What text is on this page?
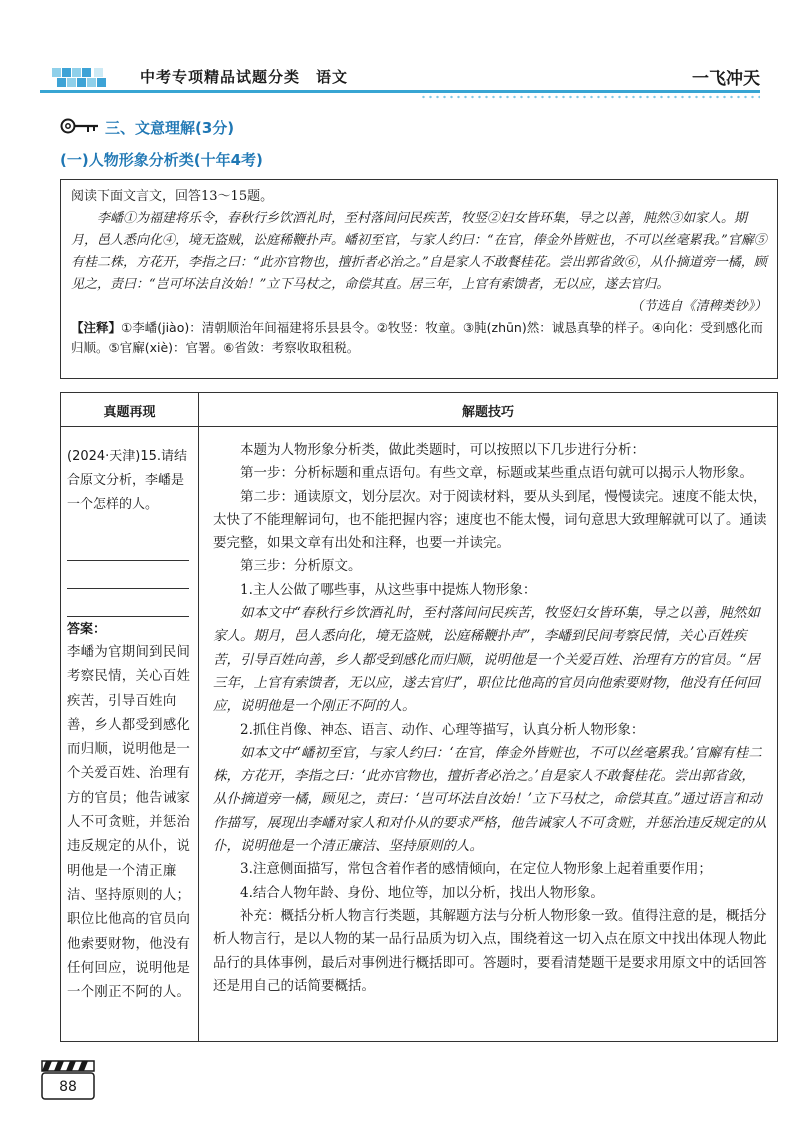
中考专项精品试题分类　语文	一飞冲天
三、文意理解(3分)
(一)人物形象分析类(十年4考)

阅读下面文言文，回答13～15题。

李嶓①为福建将乐令，春秋行乡饮酒礼时，至村落间问民疾苦，牧竖②妇女皆环集，导之以善，肫然③如家人。期月，邑人悉向化④，境无盗贼，讼庭稀鞭扑声。嶓初至官，与家人约曰：“在官，俸金外皆赃也，不可以丝毫累我。”官廨⑤有桂二株，方花开，李指之曰：“此亦官物也，擅折者必治之。”自是家人不敢餐桂花。尝出郭省敛⑥，从仆摘道旁一橘，顾见之，责曰：“岂可坏法自汝始！”立下马杖之，命偿其直。居三年，上官有索馈者，无以应，遂去官归。

（节选自《清稗类钞》）

【注释】①李嶓(jiào)：清朝顺治年间福建将乐县县令。②牧竖：牧童。③肫(zhūn)然：诚恳真挚的样子。④向化：受到感化而归顺。⑤官廨(xiè)：官署。⑥省敛：考察收取租税。

真题再现	解题技巧
(2024·天津)15.请结合原文分析，李嶓是一个怎样的人。
答案：
李嶓为官期间到民间考察民情，关心百姓疾苦，引导百姓向善，乡人都受到感化而归顺，说明他是一个关爱百姓、治理有方的官员；他告诫家人不可贪赃，并惩治违反规定的从仆，说明他是一个清正廉洁、坚持原则的人；职位比他高的官员向他索要财物，他没有任何回应，说明他是一个刚正不阿的人。

本题为人物形象分析类，做此类题时，可以按照以下几步进行分析：

第一步：分析标题和重点语句。有些文章，标题或某些重点语句就可以揭示人物形象。

第二步：通读原文，划分层次。对于阅读材料，要从头到尾，慢慢读完。速度不能太快，太快了不能理解词句，也不能把握内容；速度也不能太慢，词句意思大致理解就可以了。通读要完整，如果文章有出处和注释，也要一并读完。

第三步：分析原文。

1.主人公做了哪些事，从这些事中提炼人物形象：

如本文中“春秋行乡饮酒礼时，至村落间问民疾苦，牧竖妇女皆环集，导之以善，肫然如家人。期月，邑人悉向化，境无盗贼，讼庭稀鞭扑声”，李嶓到民间考察民情，关心百姓疾苦，引导百姓向善，乡人都受到感化而归顺，说明他是一个关爱百姓、治理有方的官员。“居三年，上官有索馈者，无以应，遂去官归”，职位比他高的官员向他索要财物，他没有任何回应，说明他是一个刚正不阿的人。

2.抓住肖像、神态、语言、动作、心理等描写，认真分析人物形象：

如本文中“嶓初至官，与家人约曰：‘在官，俸金外皆赃也，不可以丝毫累我。’官廨有桂二株，方花开，李指之曰：‘此亦官物也，擅折者必治之。’自是家人不敢餐桂花。尝出郭省敛，从仆摘道旁一橘，顾见之，责曰：‘岂可坏法自汝始！’立下马杖之，命偿其直。”通过语言和动作描写，展现出李嶓对家人和对仆从的要求严格，他告诫家人不可贪赃，并惩治违反规定的从仆，说明他是一个清正廉洁、坚持原则的人。

3.注意侧面描写，常包含着作者的感情倾向，在定位人物形象上起着重要作用；

4.结合人物年龄、身份、地位等，加以分析，找出人物形象。

补充：概括分析人物言行类题，其解题方法与分析人物形象一致。值得注意的是，概括分析人物言行，是以人物的某一品行品质为切入点，围绕着这一切入点在原文中找出体现人物此品行的具体事例，最后对事例进行概括即可。答题时，要看清楚题干是要求用原文中的话回答还是用自己的话简要概括。

88
